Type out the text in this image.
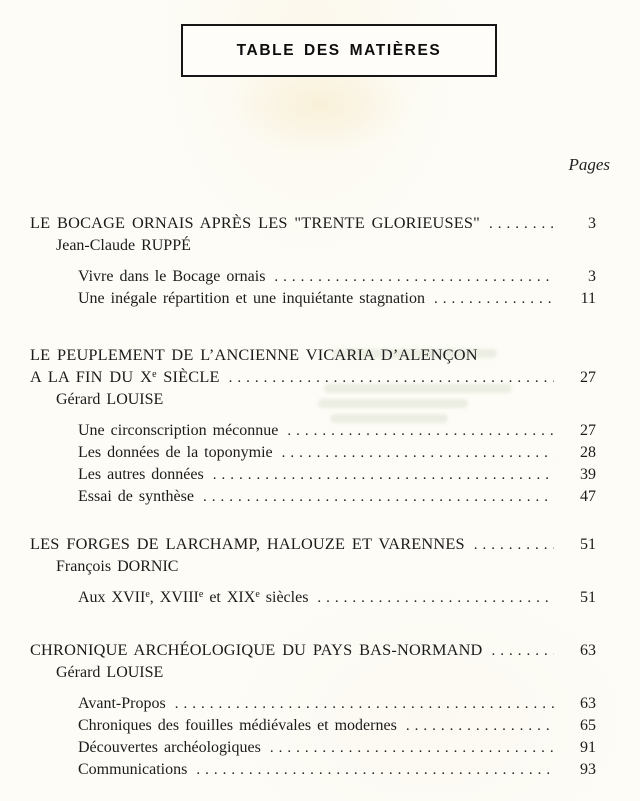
TABLE DES MATIÈRES
Pages
LE BOCAGE ORNAIS APRÈS LES "TRENTE GLORIEUSES" .....	3
Jean-Claude RUPPÉ
Vivre dans le Bocage ornais .....	3
Une inégale répartition et une inquiétante stagnation .....	11
LE PEUPLEMENT DE L’ANCIENNE VICARIA D’ALENÇON
A LA FIN DU Xe SIÈCLE .....	27
Gérard LOUISE
Une circonscription méconnue .....	27
Les données de la toponymie .....	28
Les autres données .....	39
Essai de synthèse .....	47
LES FORGES DE LARCHAMP, HALOUZE ET VARENNES .....	51
François DORNIC
Aux XVIIe, XVIIIe et XIXe siècles .....	51
CHRONIQUE ARCHÉOLOGIQUE DU PAYS BAS-NORMAND .....	63
Gérard LOUISE
Avant-Propos .....	63
Chroniques des fouilles médiévales et modernes .....	65
Découvertes archéologiques .....	91
Communications .....	93
